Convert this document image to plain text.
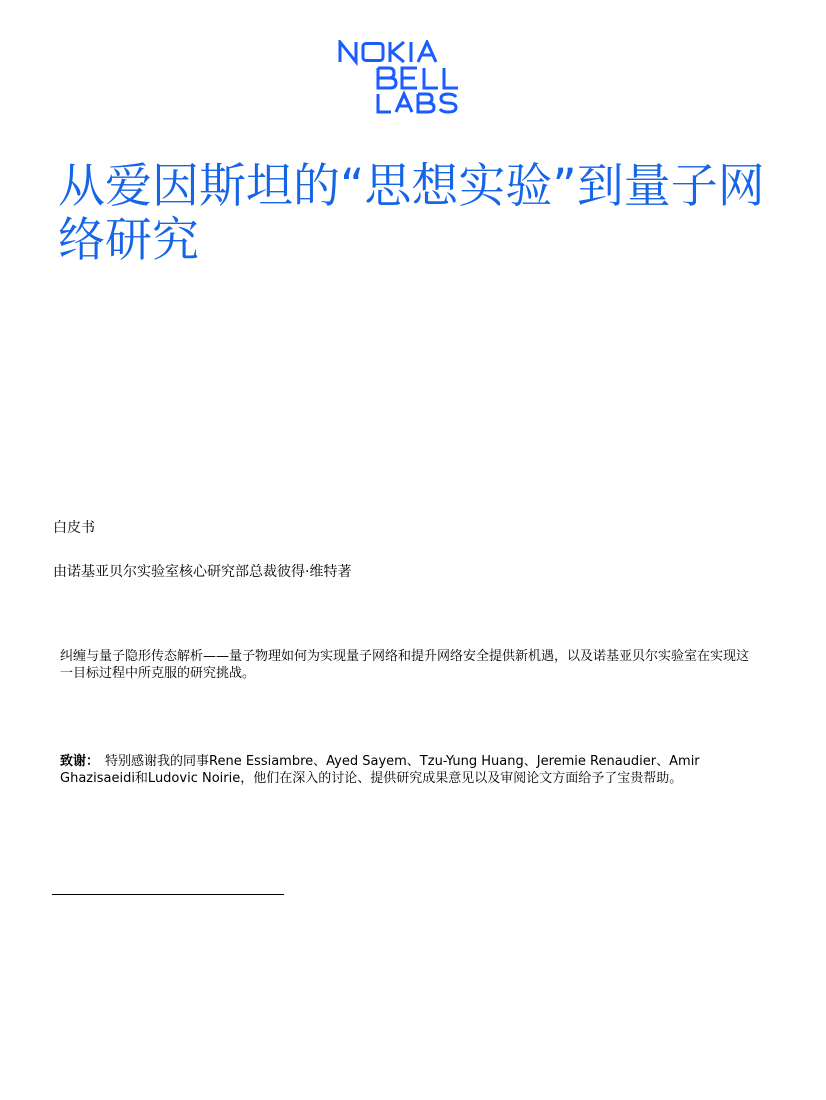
从爱因斯坦的“思想实验”到量子网络研究
白皮书
由诺基亚贝尔实验室核心研究部总裁彼得·维特著
纠缠与量子隐形传态解析——量子物理如何为实现量子网络和提升网络安全提供新机遇，以及诺基亚贝尔实验室在实现这一目标过程中所克服的研究挑战。
致谢： 特别感谢我的同事Rene Essiambre、Ayed Sayem、Tzu-Yung Huang、Jeremie Renaudier、Amir Ghazisaeidi和Ludovic Noirie，他们在深入的讨论、提供研究成果意见以及审阅论文方面给予了宝贵帮助。
